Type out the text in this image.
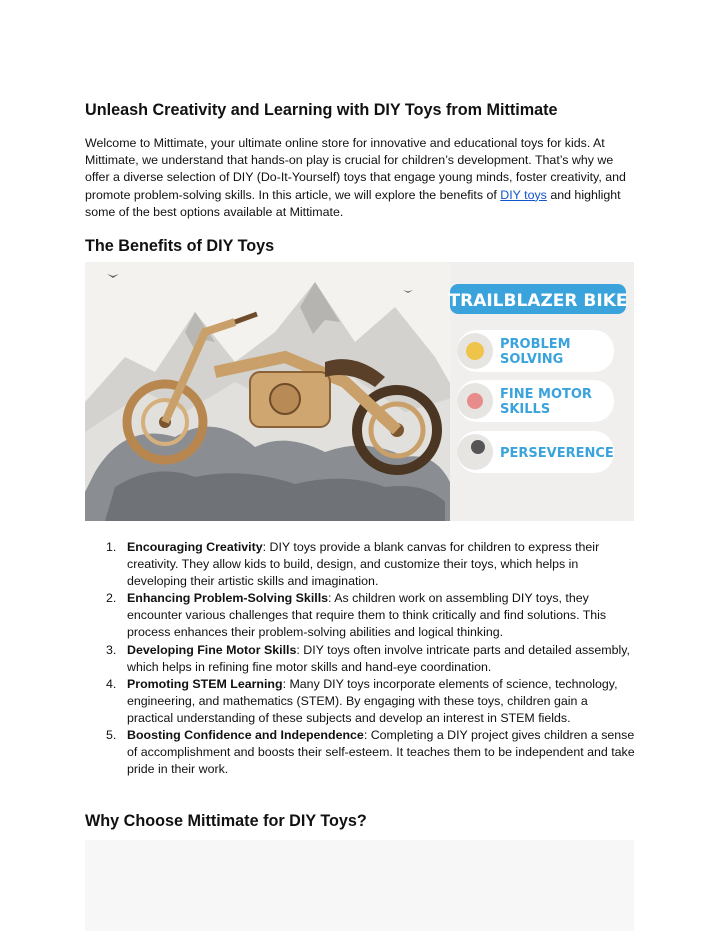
Unleash Creativity and Learning with DIY Toys from Mittimate

Welcome to Mittimate, your ultimate online store for innovative and educational toys for kids. At Mittimate, we understand that hands-on play is crucial for children’s development. That’s why we offer a diverse selection of DIY (Do-It-Yourself) toys that engage young minds, foster creativity, and promote problem-solving skills. In this article, we will explore the benefits of DIY toys and highlight some of the best options available at Mittimate.

The Benefits of DIY Toys
TRAILBLAZER BIKE
PROBLEM
SOLVING
FINE MOTOR
SKILLS
PERSEVERENCE
1. Encouraging Creativity: DIY toys provide a blank canvas for children to express their creativity. They allow kids to build, design, and customize their toys, which helps in developing their artistic skills and imagination.
2. Enhancing Problem-Solving Skills: As children work on assembling DIY toys, they encounter various challenges that require them to think critically and find solutions. This process enhances their problem-solving abilities and logical thinking.
3. Developing Fine Motor Skills: DIY toys often involve intricate parts and detailed assembly, which helps in refining fine motor skills and hand-eye coordination.
4. Promoting STEM Learning: Many DIY toys incorporate elements of science, technology, engineering, and mathematics (STEM). By engaging with these toys, children gain a practical understanding of these subjects and develop an interest in STEM fields.
5. Boosting Confidence and Independence: Completing a DIY project gives children a sense of accomplishment and boosts their self-esteem. It teaches them to be independent and take pride in their work.
Why Choose Mittimate for DIY Toys?
